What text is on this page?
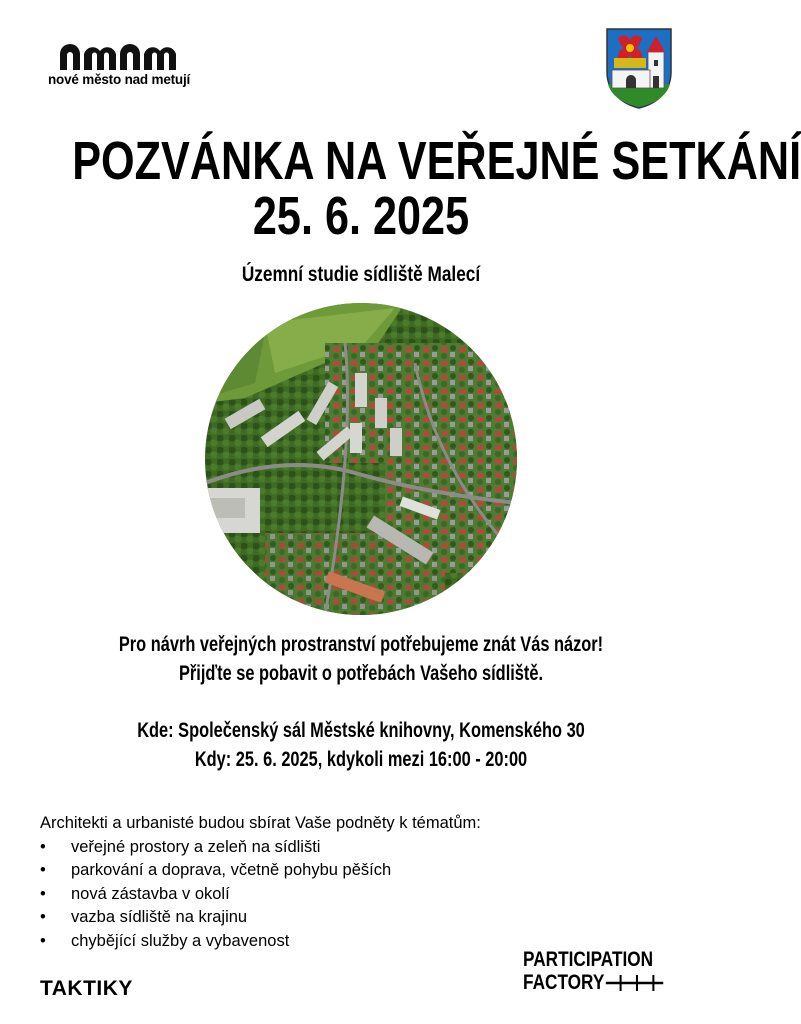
nové město nad metují
POZVÁNKA NA VEŘEJNÉ SETKÁNÍ
25. 6. 2025
Územní studie sídliště Malecí
Pro návrh veřejných prostranství potřebujeme znát Vás názor!
Přijďte se pobavit o potřebách Vašeho sídliště.
Kde: Společenský sál Městské knihovny, Komenského 30
Kdy: 25. 6. 2025, kdykoli mezi 16:00 - 20:00
Architekti a urbanisté budou sbírat Vaše podněty k tématům:
• veřejné prostory a zeleň na sídlišti
• parkování a doprava, včetně pohybu pěších
• nová zástavba v okolí
• vazba sídliště na krajinu
• chybějící služby a vybavenost
TAKTIKY
PARTICIPATION
FACTORY
